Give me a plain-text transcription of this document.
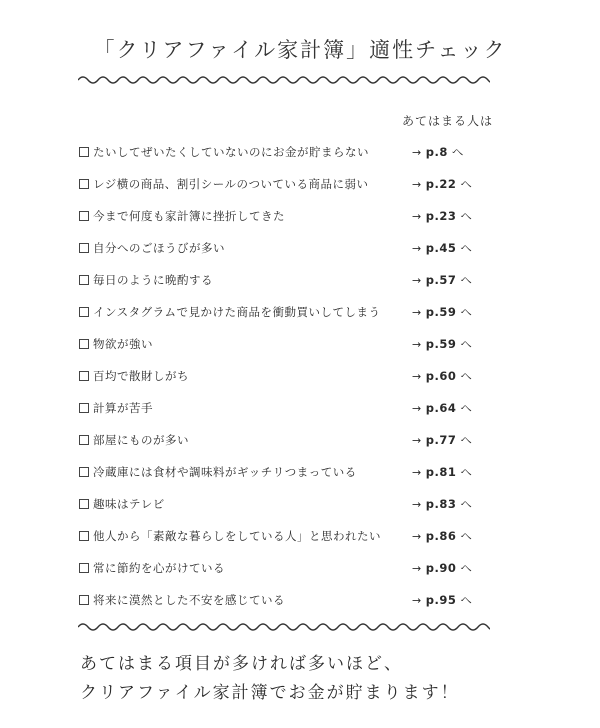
「クリアファイル家計簿」適性チェック
あてはまる人は
たいしてぜいたくしていないのにお金が貯まらない	→ p.8 へ
レジ横の商品、割引シールのついている商品に弱い	→ p.22 へ
今まで何度も家計簿に挫折してきた	→ p.23 へ
自分へのごほうびが多い	→ p.45 へ
毎日のように晩酌する	→ p.57 へ
インスタグラムで見かけた商品を衝動買いしてしまう	→ p.59 へ
物欲が強い	→ p.59 へ
百均で散財しがち	→ p.60 へ
計算が苦手	→ p.64 へ
部屋にものが多い	→ p.77 へ
冷蔵庫には食材や調味料がギッチリつまっている	→ p.81 へ
趣味はテレビ	→ p.83 へ
他人から「素敵な暮らしをしている人」と思われたい	→ p.86 へ
常に節約を心がけている	→ p.90 へ
将来に漠然とした不安を感じている	→ p.95 へ
あてはまる項目が多ければ多いほど、
クリアファイル家計簿でお金が貯まります！
